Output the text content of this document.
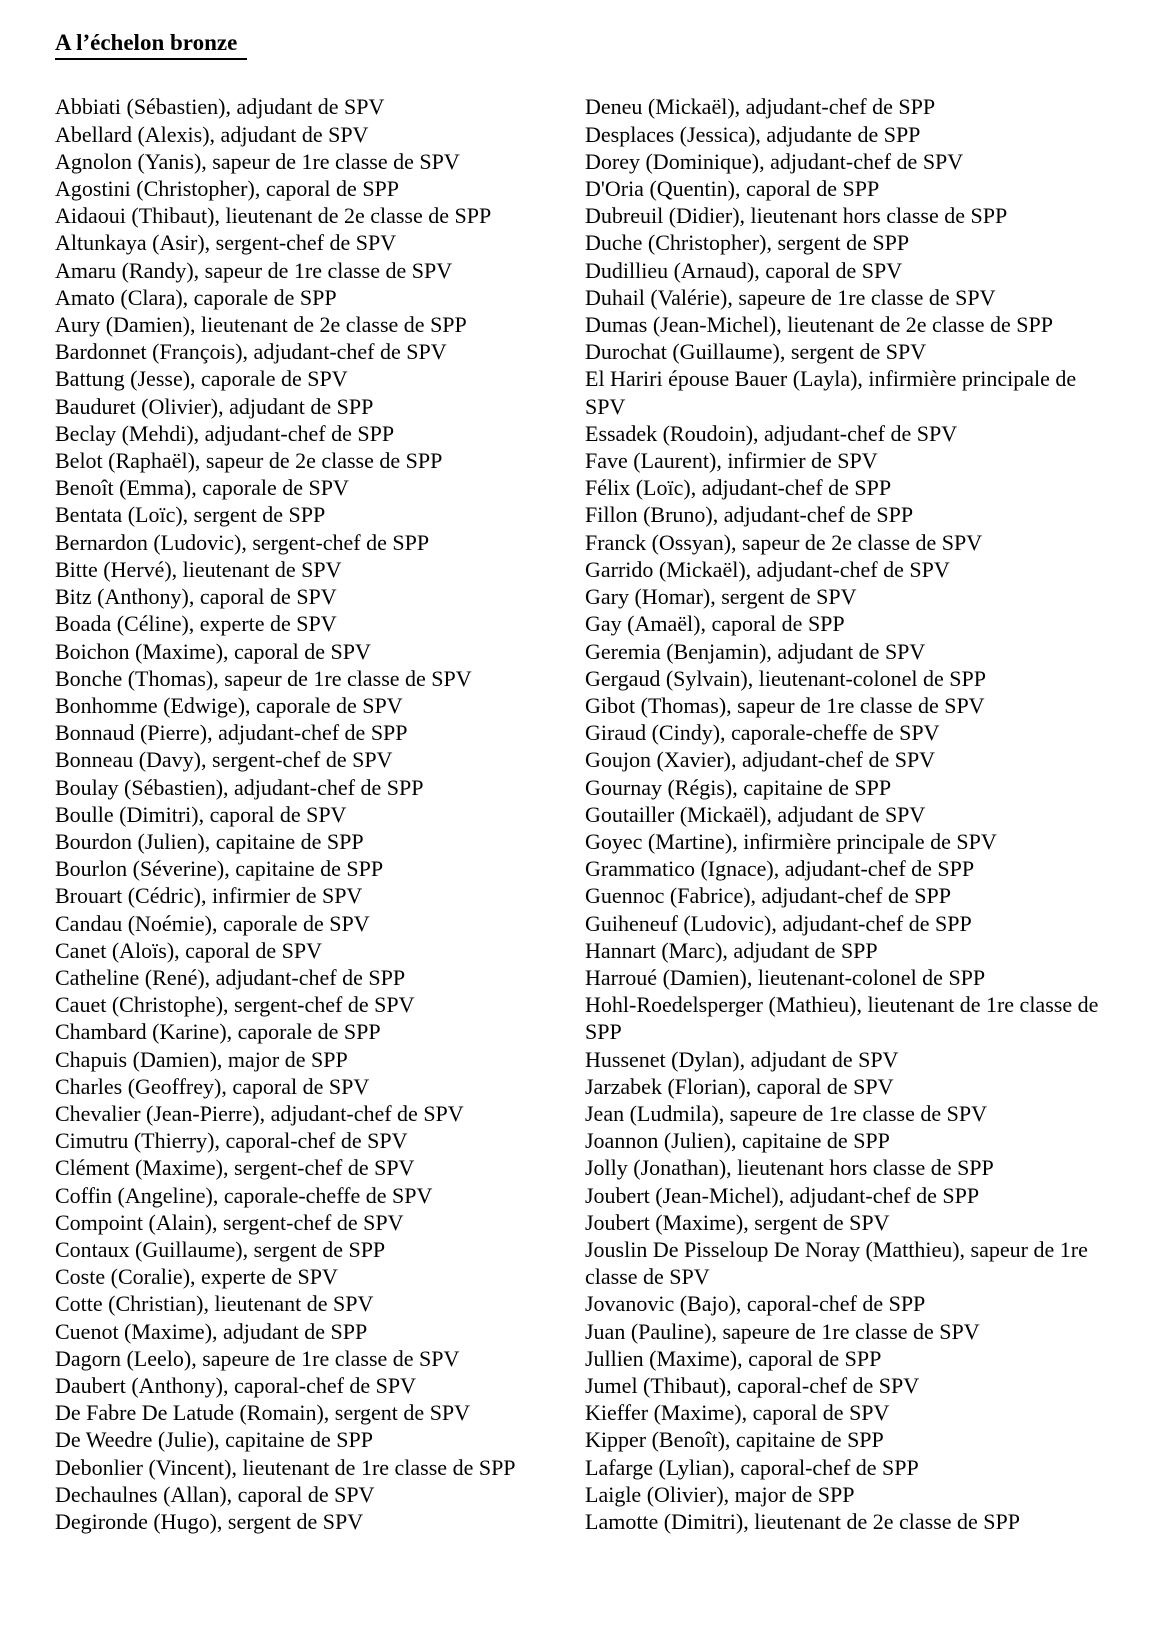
A l’échelon bronze
Abbiati (Sébastien), adjudant de SPV
Abellard (Alexis), adjudant de SPV
Agnolon (Yanis), sapeur de 1re classe de SPV
Agostini (Christopher), caporal de SPP
Aidaoui (Thibaut), lieutenant de 2e classe de SPP
Altunkaya (Asir), sergent-chef de SPV
Amaru (Randy), sapeur de 1re classe de SPV
Amato (Clara), caporale de SPP
Aury (Damien), lieutenant de 2e classe de SPP
Bardonnet (François), adjudant-chef de SPV
Battung (Jesse), caporale de SPV
Bauduret (Olivier), adjudant de SPP
Beclay (Mehdi), adjudant-chef de SPP
Belot (Raphaël), sapeur de 2e classe de SPP
Benoît (Emma), caporale de SPV
Bentata (Loïc), sergent de SPP
Bernardon (Ludovic), sergent-chef de SPP
Bitte (Hervé), lieutenant de SPV
Bitz (Anthony), caporal de SPV
Boada (Céline), experte de SPV
Boichon (Maxime), caporal de SPV
Bonche (Thomas), sapeur de 1re classe de SPV
Bonhomme (Edwige), caporale de SPV
Bonnaud (Pierre), adjudant-chef de SPP
Bonneau (Davy), sergent-chef de SPV
Boulay (Sébastien), adjudant-chef de SPP
Boulle (Dimitri), caporal de SPV
Bourdon (Julien), capitaine de SPP
Bourlon (Séverine), capitaine de SPP
Brouart (Cédric), infirmier de SPV
Candau (Noémie), caporale de SPV
Canet (Aloïs), caporal de SPV
Catheline (René), adjudant-chef de SPP
Cauet (Christophe), sergent-chef de SPV
Chambard (Karine), caporale de SPP
Chapuis (Damien), major de SPP
Charles (Geoffrey), caporal de SPV
Chevalier (Jean-Pierre), adjudant-chef de SPV
Cimutru (Thierry), caporal-chef de SPV
Clément (Maxime), sergent-chef de SPV
Coffin (Angeline), caporale-cheffe de SPV
Compoint (Alain), sergent-chef de SPV
Contaux (Guillaume), sergent de SPP
Coste (Coralie), experte de SPV
Cotte (Christian), lieutenant de SPV
Cuenot (Maxime), adjudant de SPP
Dagorn (Leelo), sapeure de 1re classe de SPV
Daubert (Anthony), caporal-chef de SPV
De Fabre De Latude (Romain), sergent de SPV
De Weedre (Julie), capitaine de SPP
Debonlier (Vincent), lieutenant de 1re classe de SPP
Dechaulnes (Allan), caporal de SPV
Degironde (Hugo), sergent de SPV
Deneu (Mickaël), adjudant-chef de SPP
Desplaces (Jessica), adjudante de SPP
Dorey (Dominique), adjudant-chef de SPV
D'Oria (Quentin), caporal de SPP
Dubreuil (Didier), lieutenant hors classe de SPP
Duche (Christopher), sergent de SPP
Dudillieu (Arnaud), caporal de SPV
Duhail (Valérie), sapeure de 1re classe de SPV
Dumas (Jean-Michel), lieutenant de 2e classe de SPP
Durochat (Guillaume), sergent de SPV
El Hariri épouse Bauer (Layla), infirmière principale de SPV
Essadek (Roudoin), adjudant-chef de SPV
Fave (Laurent), infirmier de SPV
Félix (Loïc), adjudant-chef de SPP
Fillon (Bruno), adjudant-chef de SPP
Franck (Ossyan), sapeur de 2e classe de SPV
Garrido (Mickaël), adjudant-chef de SPV
Gary (Homar), sergent de SPV
Gay (Amaël), caporal de SPP
Geremia (Benjamin), adjudant de SPV
Gergaud (Sylvain), lieutenant-colonel de SPP
Gibot (Thomas), sapeur de 1re classe de SPV
Giraud (Cindy), caporale-cheffe de SPV
Goujon (Xavier), adjudant-chef de SPV
Gournay (Régis), capitaine de SPP
Goutailler (Mickaël), adjudant de SPV
Goyec (Martine), infirmière principale de SPV
Grammatico (Ignace), adjudant-chef de SPP
Guennoc (Fabrice), adjudant-chef de SPP
Guiheneuf (Ludovic), adjudant-chef de SPP
Hannart (Marc), adjudant de SPP
Harroué (Damien), lieutenant-colonel de SPP
Hohl-Roedelsperger (Mathieu), lieutenant de 1re classe de SPP
Hussenet (Dylan), adjudant de SPV
Jarzabek (Florian), caporal de SPV
Jean (Ludmila), sapeure de 1re classe de SPV
Joannon (Julien), capitaine de SPP
Jolly (Jonathan), lieutenant hors classe de SPP
Joubert (Jean-Michel), adjudant-chef de SPP
Joubert (Maxime), sergent de SPV
Jouslin De Pisseloup De Noray (Matthieu), sapeur de 1re classe de SPV
Jovanovic (Bajo), caporal-chef de SPP
Juan (Pauline), sapeure de 1re classe de SPV
Jullien (Maxime), caporal de SPP
Jumel (Thibaut), caporal-chef de SPV
Kieffer (Maxime), caporal de SPV
Kipper (Benoît), capitaine de SPP
Lafarge (Lylian), caporal-chef de SPP
Laigle (Olivier), major de SPP
Lamotte (Dimitri), lieutenant de 2e classe de SPP
